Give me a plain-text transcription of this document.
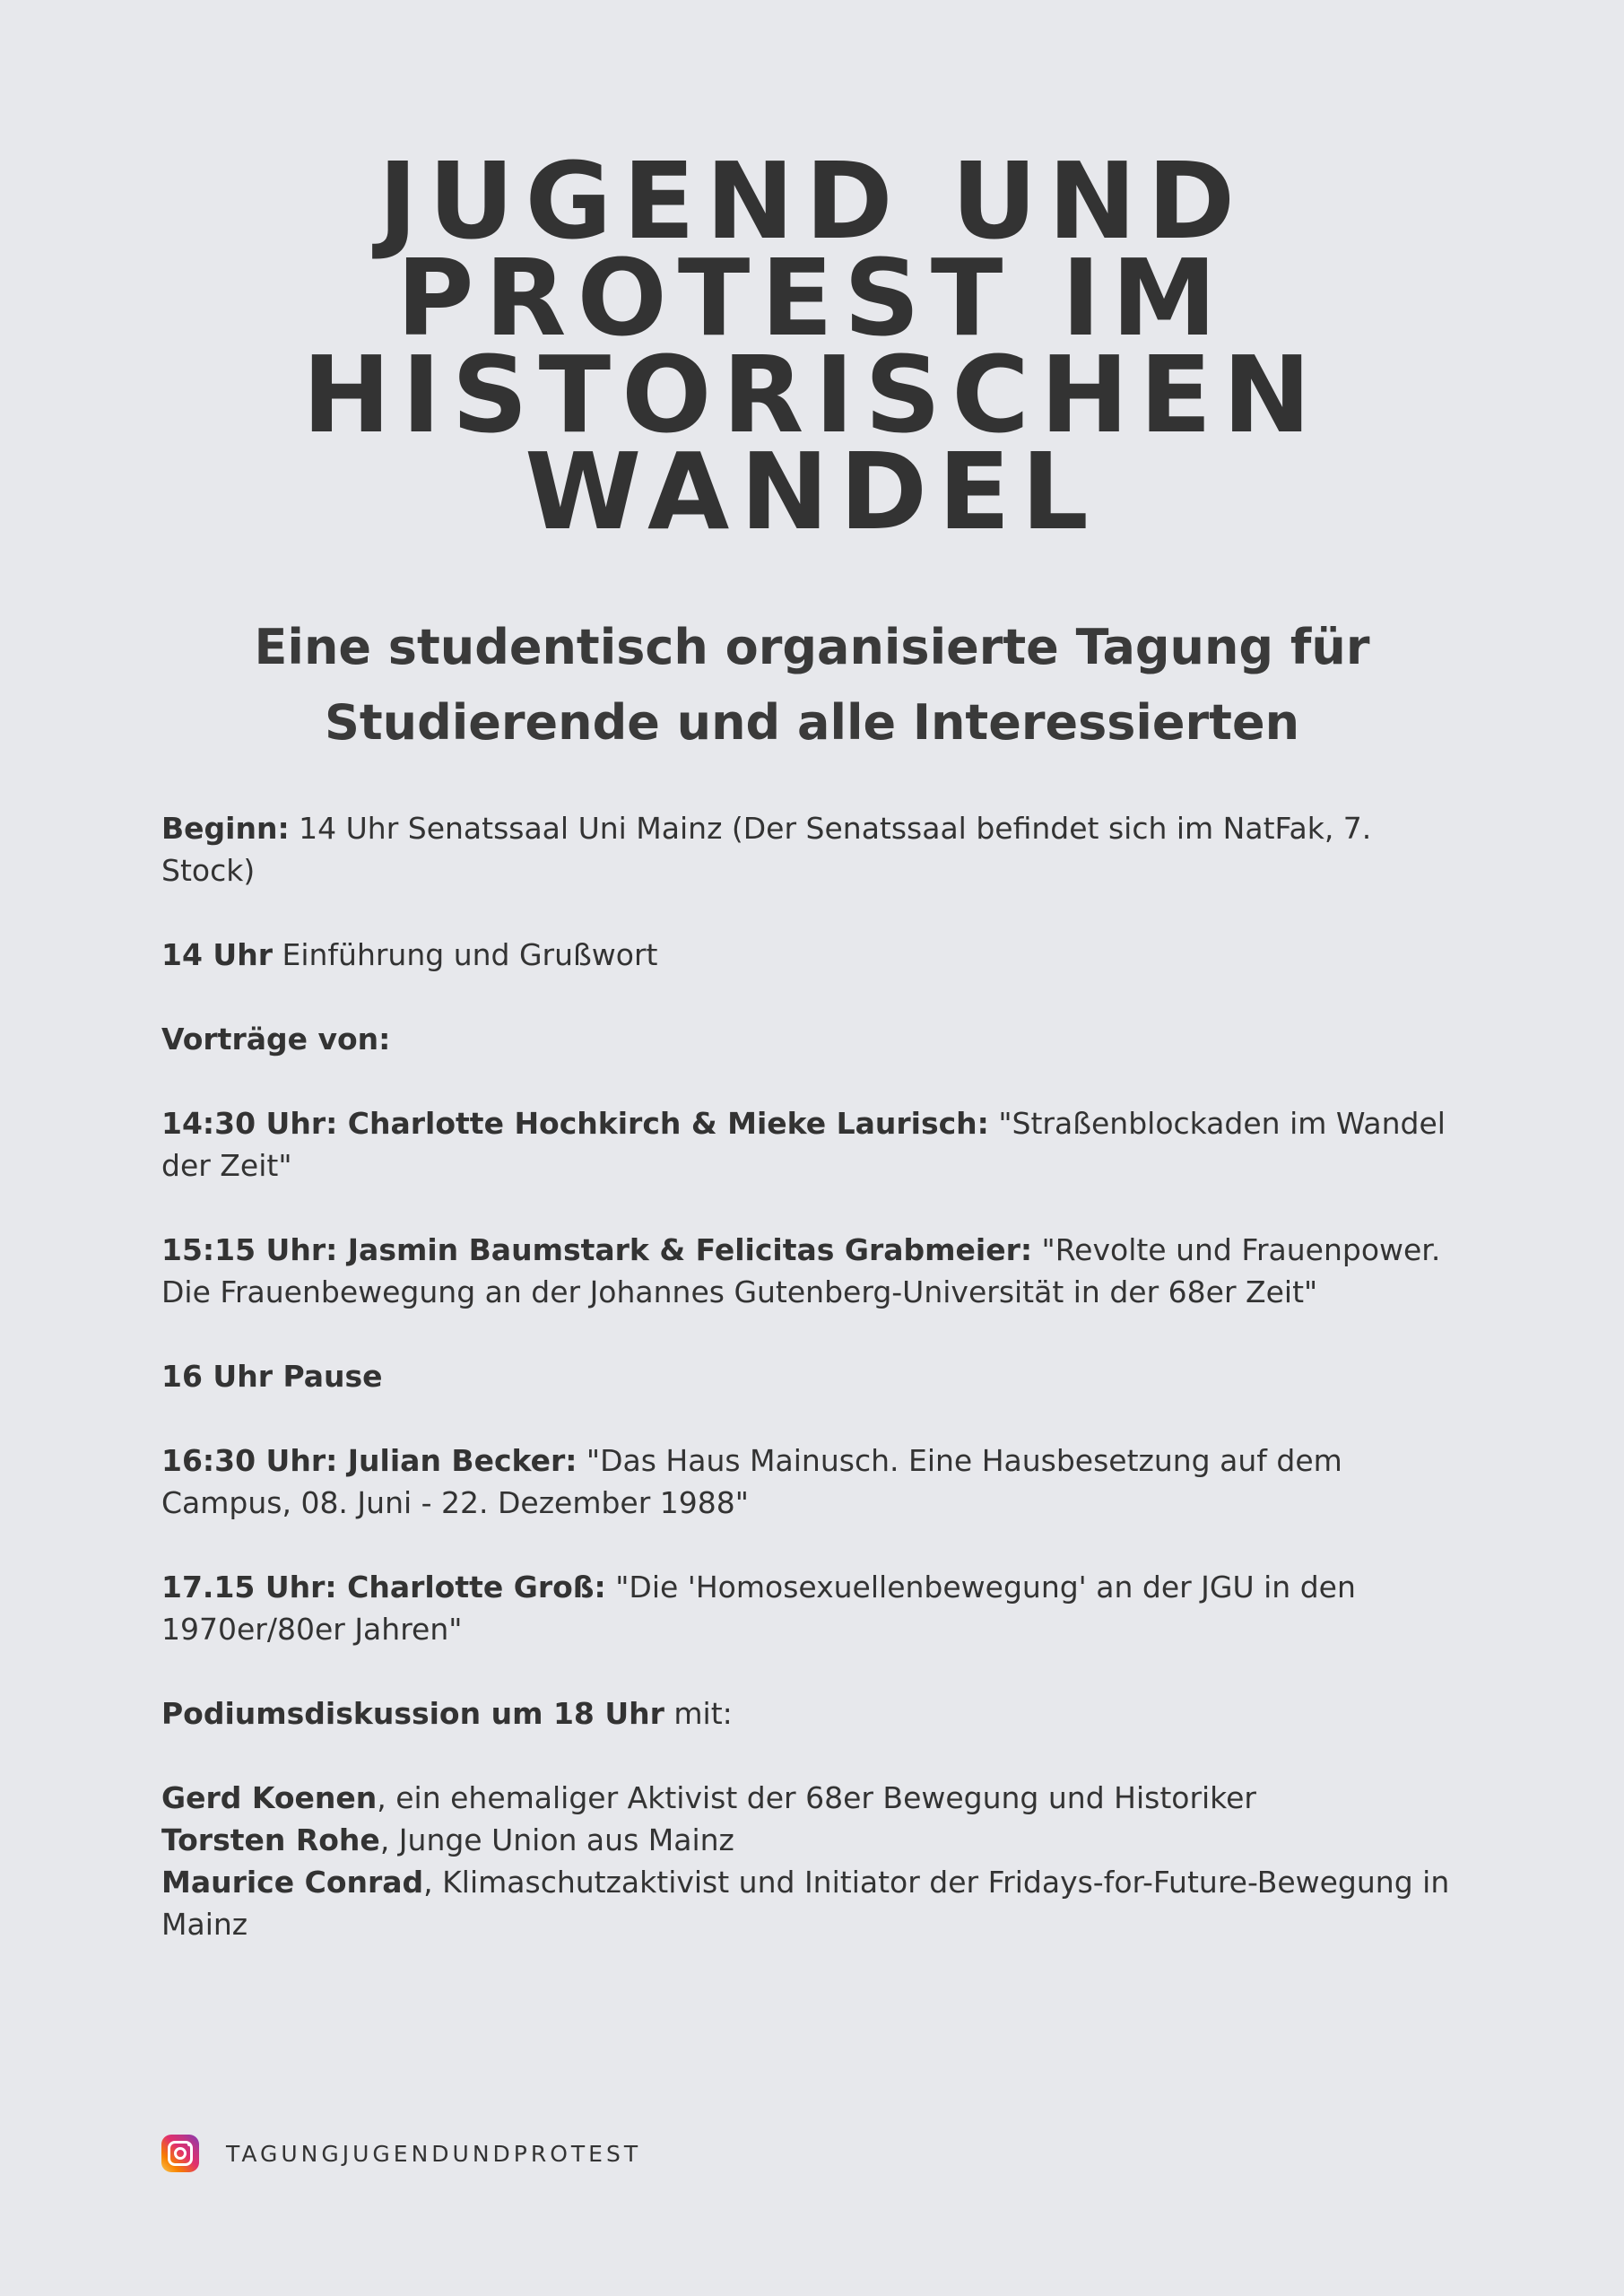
JUGEND UND
PROTEST IM
HISTORISCHEN
WANDEL
Eine studentisch organisierte Tagung für
Studierende und alle Interessierten

Beginn: 14 Uhr Senatssaal Uni Mainz (Der Senatssaal befindet sich im NatFak, 7. Stock)

14 Uhr Einführung und Grußwort

Vorträge von:

14:30 Uhr: Charlotte Hochkirch & Mieke Laurisch: "Straßenblockaden im Wandel der Zeit"

15:15 Uhr: Jasmin Baumstark & Felicitas Grabmeier: "Revolte und Frauenpower. Die Frauenbewegung an der Johannes Gutenberg-Universität in der 68er Zeit"

16 Uhr Pause

16:30 Uhr: Julian Becker: "Das Haus Mainusch. Eine Hausbesetzung auf dem Campus, 08. Juni - 22. Dezember 1988"

17.15 Uhr: Charlotte Groß: "Die 'Homosexuellenbewegung' an der JGU in den 1970er/80er Jahren"

Podiumsdiskussion um 18 Uhr mit:

Gerd Koenen, ein ehemaliger Aktivist der 68er Bewegung und Historiker

Torsten Rohe, Junge Union aus Mainz

Maurice Conrad, Klimaschutzaktivist und Initiator der Fridays-for-Future-Bewegung in Mainz

TAGUNGJUGENDUNDPROTEST
